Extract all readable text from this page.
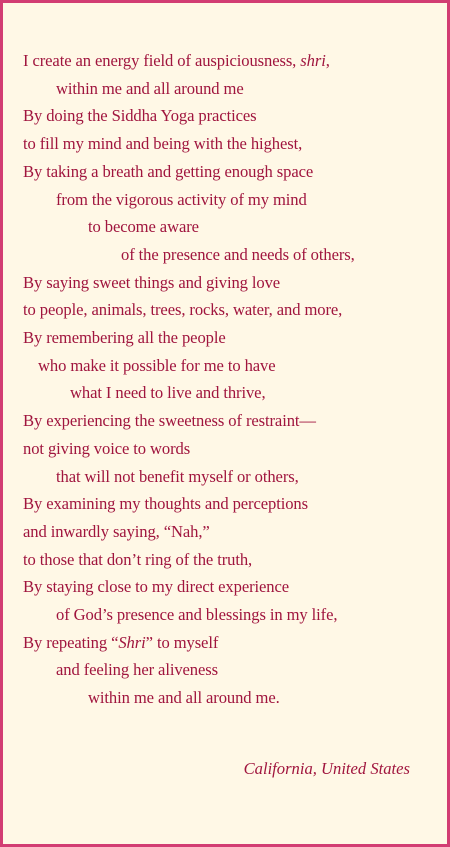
I create an energy field of auspiciousness, shri,
within me and all around me
By doing the Siddha Yoga practices
to fill my mind and being with the highest,
By taking a breath and getting enough space
from the vigorous activity of my mind
to become aware
of the presence and needs of others,
By saying sweet things and giving love
to people, animals, trees, rocks, water, and more,
By remembering all the people
who make it possible for me to have
what I need to live and thrive,
By experiencing the sweetness of restraint—
not giving voice to words
that will not benefit myself or others,
By examining my thoughts and perceptions
and inwardly saying, “Nah,”
to those that don’t ring of the truth,
By staying close to my direct experience
of God’s presence and blessings in my life,
By repeating “Shri” to myself
and feeling her aliveness
within me and all around me.

California, United States
